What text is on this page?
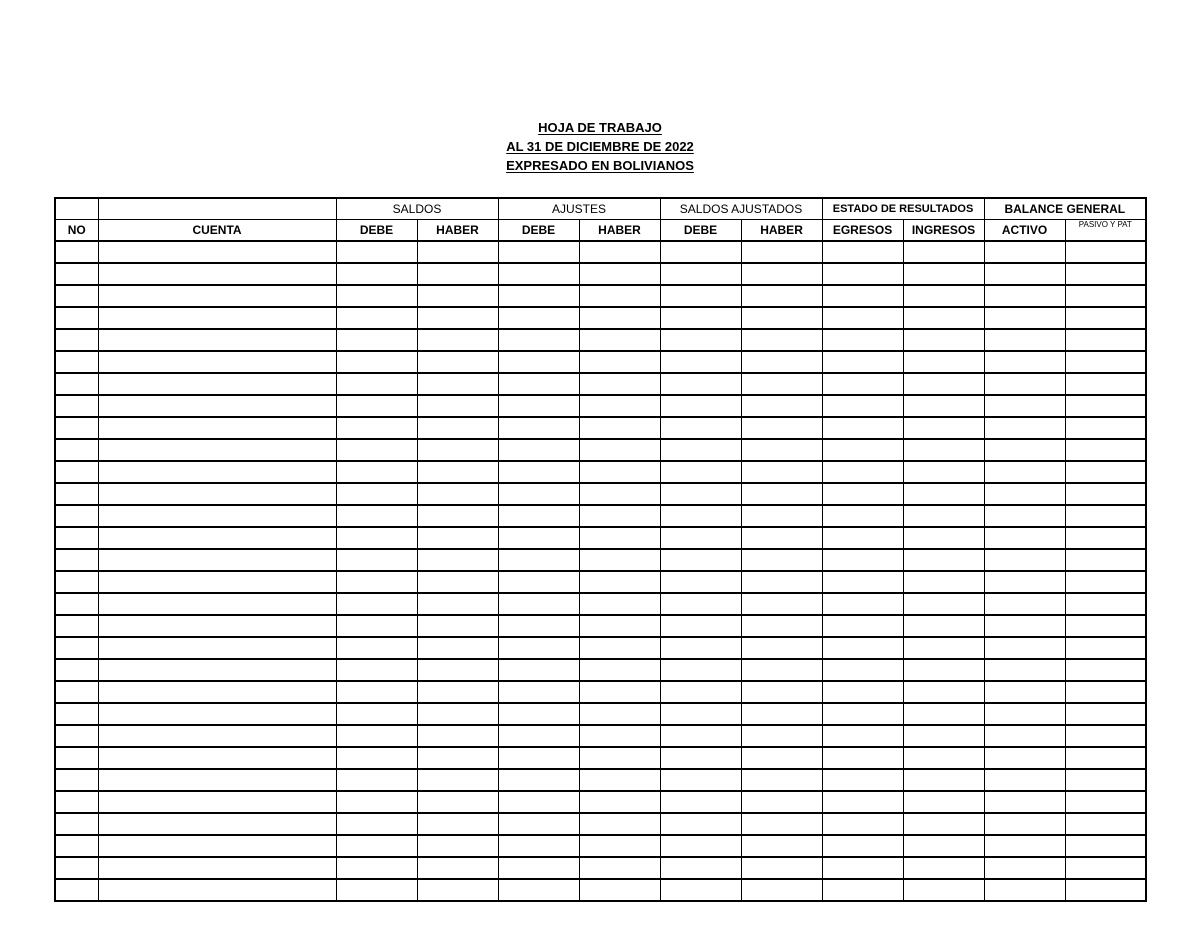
HOJA DE TRABAJO
AL 31 DE DICIEMBRE DE 2022
EXPRESADO EN BOLIVIANOS
		SALDOS		AJUSTES		SALDOS AJUSTADOS		ESTADO DE RESULTADOS		BALANCE GENERAL	
NO	CUENTA	DEBE	HABER	DEBE	HABER	DEBE	HABER	EGRESOS	INGRESOS	ACTIVO	PASIVO Y PAT
